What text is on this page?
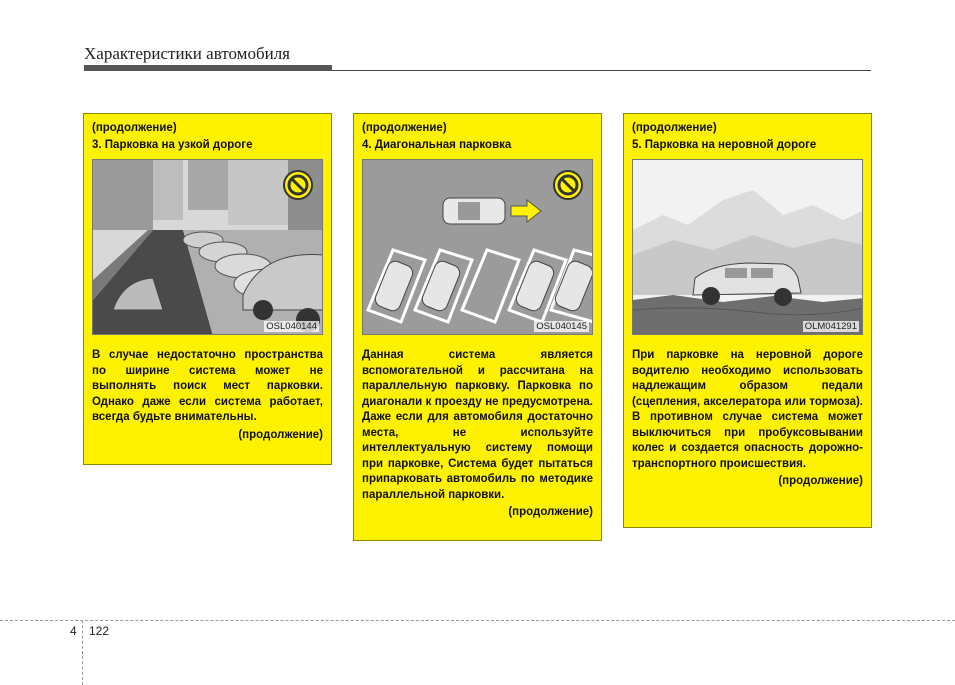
Характеристики автомобиля
(продолжение)
3. Парковка на узкой дороге
OSL040144
В случае недостаточно пространства по ширине система может не выполнять поиск мест парковки. Однако даже если система работает, всегда будьте внимательны.
(продолжение)
(продолжение)
4. Диагональная парковка
OSL040145
Данная система является вспомогательной и рассчитана на параллельную парковку. Парковка по диагонали к проезду не предусмотрена. Даже если для автомобиля достаточно места, не используйте интеллектуальную систему помощи при парковке, Система будет пытаться припарковать автомобиль по методике параллельной парковки.
(продолжение)
(продолжение)
5. Парковка на неровной дороге
OLM041291
При парковке на неровной дороге водителю необходимо использовать надлежащим образом педали (сцепления, акселератора или тормоза). В противном случае система может выключиться при пробуксовывании колес и создается опасность дорожно-транспортного происшествия.
(продолжение)
4 122
